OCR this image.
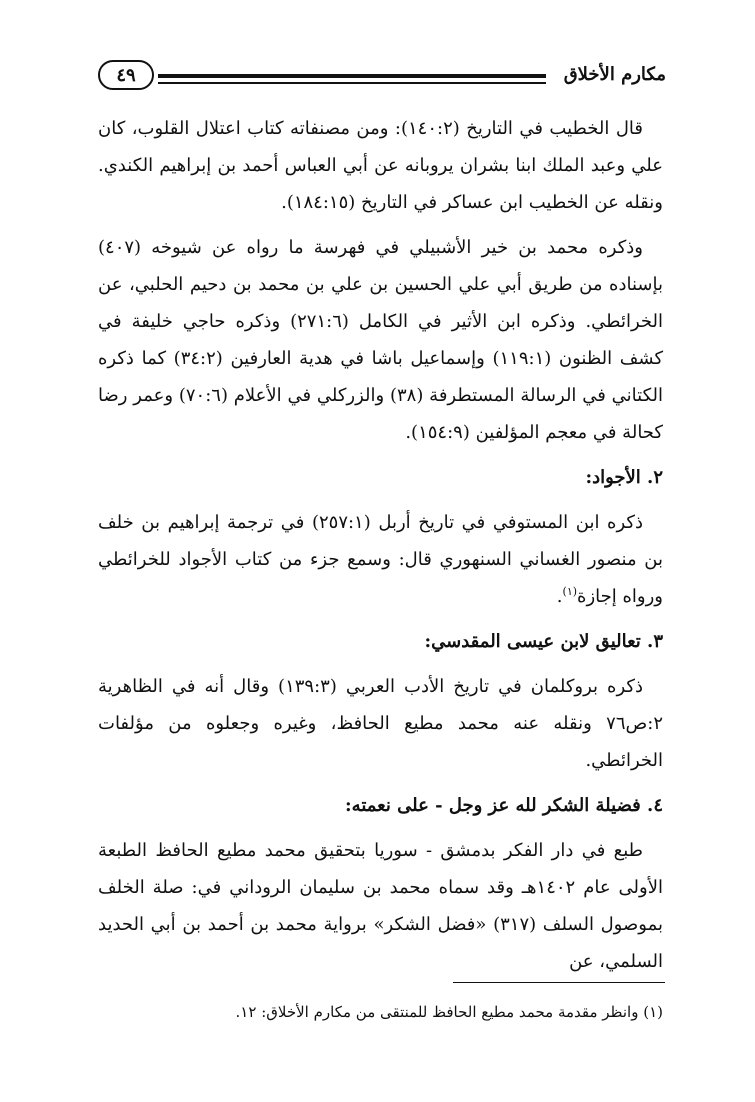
مكارم الأخلاق
٤٩

قال الخطيب في التاريخ (١٤٠:٢): ومن مصنفاته كتاب اعتلال القلوب، كان علي وعبد الملك ابنا بشران يروبانه عن أبي العباس أحمد بن إبراهيم الكندي. ونقله عن الخطيب ابن عساكر في التاريخ (١٨٤:١٥).

وذكره محمد بن خير الأشبيلي في فهرسة ما رواه عن شيوخه (٤٠٧) بإسناده من طريق أبي علي الحسين بن علي بن محمد بن دحيم الحلبي، عن الخرائطي. وذكره ابن الأثير في الكامل (٢٧١:٦) وذكره حاجي خليفة في كشف الظنون (١١٩:١) وإسماعيل باشا في هدية العارفين (٣٤:٢) كما ذكره الكتاني في الرسالة المستطرفة (٣٨) والزركلي في الأعلام (٧٠:٦) وعمر رضا كحالة في معجم المؤلفين (١٥٤:٩).

٢. الأجواد:

ذكره ابن المستوفي في تاريخ أربل (٢٥٧:١) في ترجمة إبراهيم بن خلف بن منصور الغساني السنهوري قال: وسمع جزء من كتاب الأجواد للخرائطي ورواه إجازة$^{(١)}$.

٣. تعاليق لابن عيسى المقدسي:

ذكره بروكلمان في تاريخ الأدب العربي (١٣٩:٣) وقال أنه في الظاهرية ٢:ص٧٦ ونقله عنه محمد مطيع الحافظ، وغيره وجعلوه من مؤلفات الخرائطي.

٤. فضيلة الشكر لله عز وجل - على نعمته:

طبع في دار الفكر بدمشق - سوريا بتحقيق محمد مطيع الحافظ الطبعة الأولى عام ١٤٠٢هـ وقد سماه محمد بن سليمان الروداني في: صلة الخلف بموصول السلف (٣١٧) «فضل الشكر» برواية محمد بن أحمد بن أبي الحديد السلمي، عن

(١) وانظر مقدمة محمد مطيع الحافظ للمنتقى من مكارم الأخلاق: ١٢.
